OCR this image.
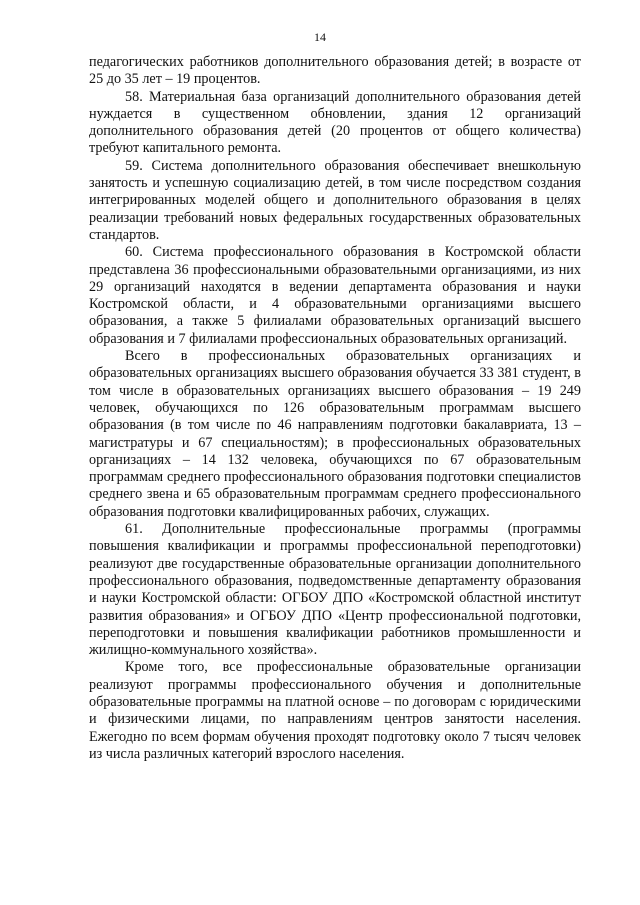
14

педагогических работников дополнительного образования детей; в возрасте от 25 до 35 лет – 19 процентов.

58. Материальная база организаций дополнительного образования детей нуждается в существенном обновлении, здания 12 организаций дополнительного образования детей (20 процентов от общего количества) требуют капитального ремонта.

59. Система дополнительного образования обеспечивает внешкольную занятость и успешную социализацию детей, в том числе посредством создания интегрированных моделей общего и дополнительного образования в целях реализации требований новых федеральных государственных образовательных стандартов.

60. Система профессионального образования в Костромской области представлена 36 профессиональными образовательными организациями, из них 29 организаций находятся в ведении департамента образования и науки Костромской области, и 4 образовательными организациями высшего образования, а также 5 филиалами образовательных организаций высшего образования и 7 филиалами профессиональных образовательных организаций.

Всего в профессиональных образовательных организациях и образовательных организациях высшего образования обучается 33 381 студент, в том числе в образовательных организациях высшего образования – 19 249 человек, обучающихся по 126 образовательным программам высшего образования (в том числе по 46 направлениям подготовки бакалавриата, 13 – магистратуры и 67 специальностям); в профессиональных образовательных организациях – 14 132 человека, обучающихся по 67 образовательным программам среднего профессионального образования подготовки специалистов среднего звена и 65 образовательным программам среднего профессионального образования подготовки квалифицированных рабочих, служащих.

61. Дополнительные профессиональные программы (программы повышения квалификации и программы профессиональной переподготовки) реализуют две государственные образовательные организации дополнительного профессионального образования, подведомственные департаменту образования и науки Костромской области: ОГБОУ ДПО «Костромской областной институт развития образования» и ОГБОУ ДПО «Центр профессиональной подготовки, переподготовки и повышения квалификации работников промышленности и жилищно-коммунального хозяйства».

Кроме того, все профессиональные образовательные организации реализуют программы профессионального обучения и дополнительные образовательные программы на платной основе – по договорам с юридическими и физическими лицами, по направлениям центров занятости населения. Ежегодно по всем формам обучения проходят подготовку около 7 тысяч человек из числа различных категорий взрослого населения.
